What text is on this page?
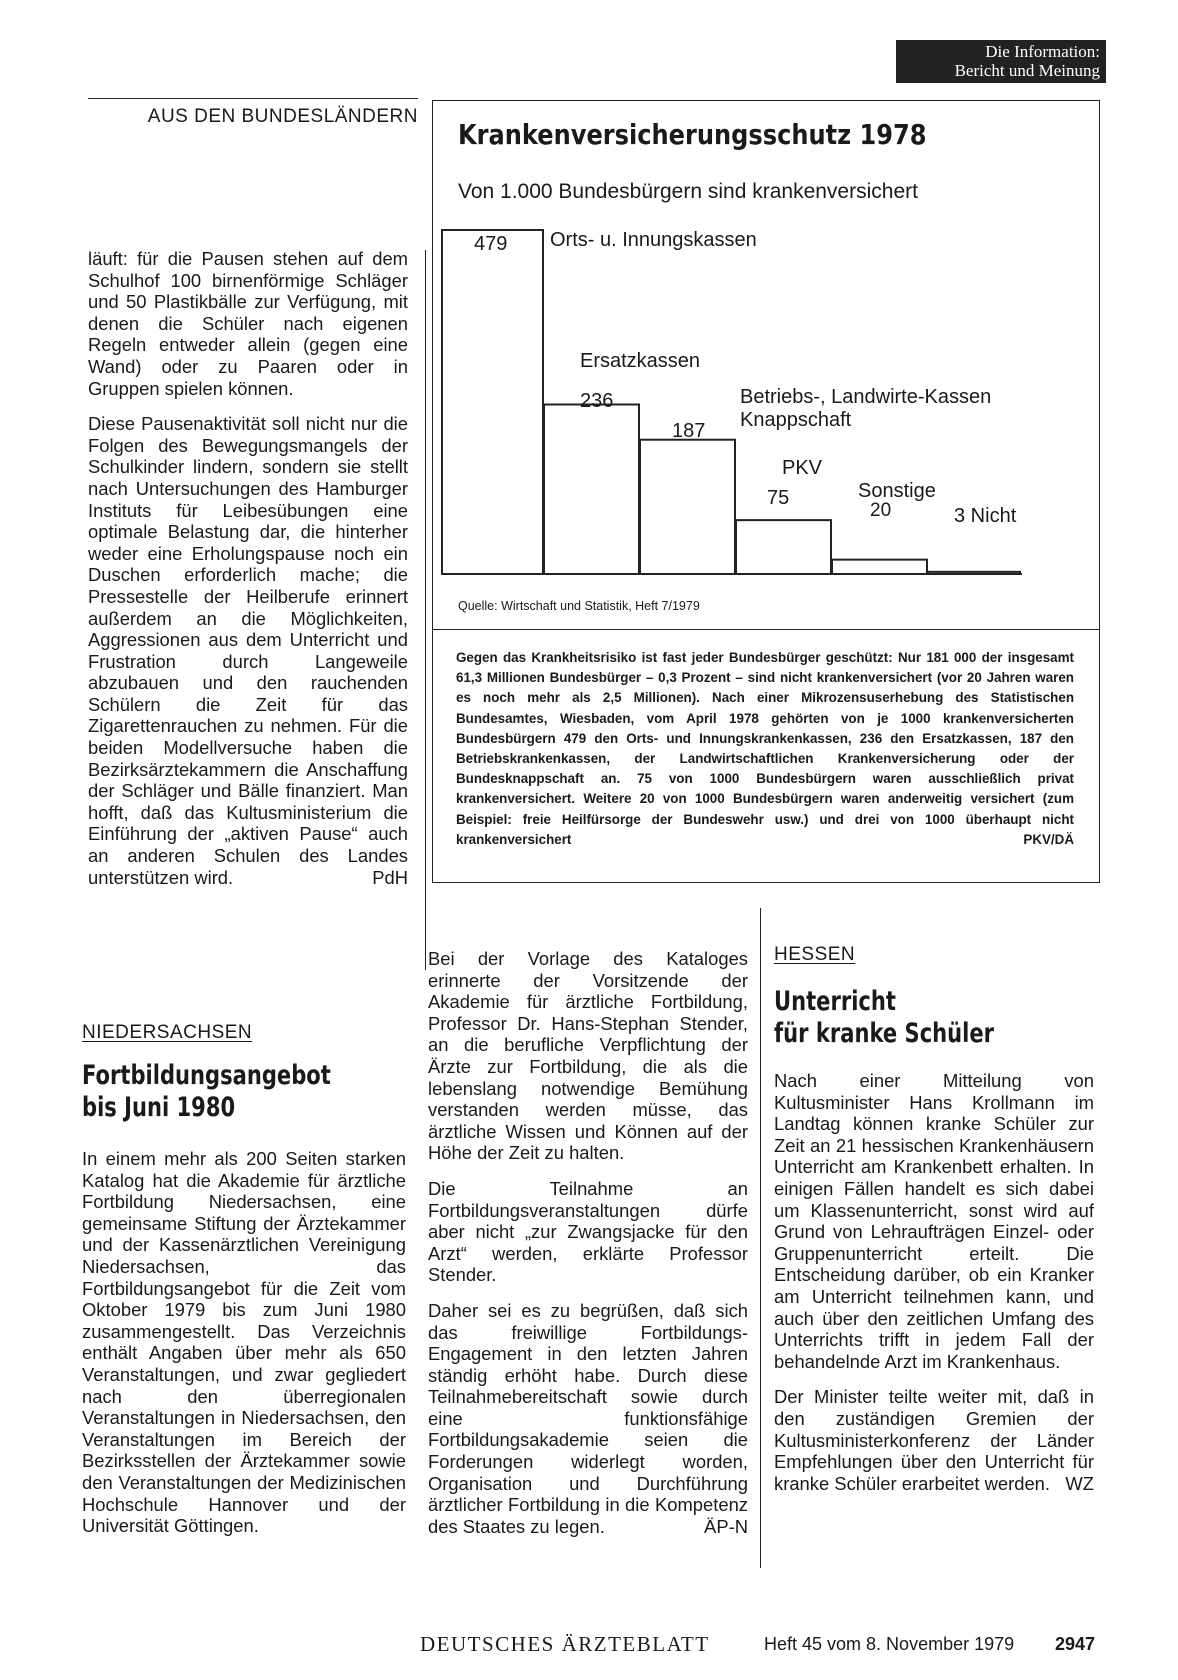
Die Information:
Bericht und Meinung
AUS DEN BUNDESLÄNDERN

läuft: für die Pausen stehen auf dem Schulhof 100 birnenförmige Schläger und 50 Plastikbälle zur Verfügung, mit denen die Schüler nach eigenen Regeln entweder allein (gegen eine Wand) oder zu Paaren oder in Gruppen spielen können.

Diese Pausenaktivität soll nicht nur die Folgen des Bewegungsmangels der Schulkinder lindern, sondern sie stellt nach Untersuchungen des Hamburger Instituts für Leibesübungen eine optimale Belastung dar, die hinterher weder eine Erholungspause noch ein Duschen erforderlich mache; die Pressestelle der Heilberufe erinnert außerdem an die Möglichkeiten, Aggressionen aus dem Unterricht und Frustration durch Langeweile abzubauen und den rauchenden Schülern die Zeit für das Zigarettenrauchen zu nehmen. Für die beiden Modellversuche haben die Bezirksärztekammern die Anschaffung der Schläger und Bälle finanziert. Man hofft, daß das Kultusministerium die Einführung der „aktiven Pause“ auch an anderen Schulen des Landes unterstützen wird.	PdH

NIEDERSACHSEN
Fortbildungsangebot
bis Juni 1980

In einem mehr als 200 Seiten starken Katalog hat die Akademie für ärztliche Fortbildung Niedersachsen, eine gemeinsame Stiftung der Ärztekammer und der Kassenärztlichen Vereinigung Niedersachsen, das Fortbildungsangebot für die Zeit vom Oktober 1979 bis zum Juni 1980 zusammengestellt. Das Verzeichnis enthält Angaben über mehr als 650 Veranstaltungen, und zwar gegliedert nach den überregionalen Veranstaltungen in Niedersachsen, den Veranstaltungen im Bereich der Bezirksstellen der Ärztekammer sowie den Veranstaltungen der Medizinischen Hochschule Hannover und der Universität Göttingen.

Krankenversicherungsschutz 1978
Von 1.000 Bundesbürgern sind krankenversichert
479
236
187
75
20
Orts- u. Innungskassen
Ersatzkassen
Betriebs-, Landwirte-Kassen
PKV
Sonstige
3 Nicht
Knappschaft
Quelle: Wirtschaft und Statistik, Heft 7/1979
Gegen das Krankheitsrisiko ist fast jeder Bundesbürger geschützt: Nur 181 000 der insgesamt 61,3 Millionen Bundesbürger – 0,3 Prozent – sind nicht krankenversichert (vor 20 Jahren waren es noch mehr als 2,5 Millionen). Nach einer Mikrozensuserhebung des Statistischen Bundesamtes, Wiesbaden, vom April 1978 gehörten von je 1000 krankenversicherten Bundesbürgern 479 den Orts- und Innungskrankenkassen, 236 den Ersatzkassen, 187 den Betriebskrankenkassen, der Landwirtschaftlichen Krankenversicherung oder der Bundesknappschaft an. 75 von 1000 Bundesbürgern waren ausschließlich privat krankenversichert. Weitere 20 von 1000 Bundesbürgern waren anderweitig versichert (zum Beispiel: freie Heilfürsorge der Bundeswehr usw.) und drei von 1000 überhaupt nicht krankenversichert	PKV/DÄ

Bei der Vorlage des Kataloges erinnerte der Vorsitzende der Akademie für ärztliche Fortbildung, Professor Dr. Hans-Stephan Stender, an die berufliche Verpflichtung der Ärzte zur Fortbildung, die als die lebenslang notwendige Bemühung verstanden werden müsse, das ärztliche Wissen und Können auf der Höhe der Zeit zu halten.

Die Teilnahme an Fortbildungsveranstaltungen dürfe aber nicht „zur Zwangsjacke für den Arzt“ werden, erklärte Professor Stender.

Daher sei es zu begrüßen, daß sich das freiwillige Fortbildungs-Engagement in den letzten Jahren ständig erhöht habe. Durch diese Teilnahmebereitschaft sowie durch eine funktionsfähige Fortbildungsakademie seien die Forderungen widerlegt worden, Organisation und Durchführung ärztlicher Fortbildung in die Kompetenz des Staates zu legen.	ÄP-N

HESSEN
Unterricht
für kranke Schüler

Nach einer Mitteilung von Kultusminister Hans Krollmann im Landtag können kranke Schüler zur Zeit an 21 hessischen Krankenhäusern Unterricht am Krankenbett erhalten. In einigen Fällen handelt es sich dabei um Klassenunterricht, sonst wird auf Grund von Lehraufträgen Einzel- oder Gruppenunterricht erteilt. Die Entscheidung darüber, ob ein Kranker am Unterricht teilnehmen kann, und auch über den zeitlichen Umfang des Unterrichts trifft in jedem Fall der behandelnde Arzt im Krankenhaus.

Der Minister teilte weiter mit, daß in den zuständigen Gremien der Kultusministerkonferenz der Länder Empfehlungen über den Unterricht für kranke Schüler erarbeitet werden. WZ

DEUTSCHES ÄRZTEBLATT	Heft 45 vom 8. November 1979 2947
